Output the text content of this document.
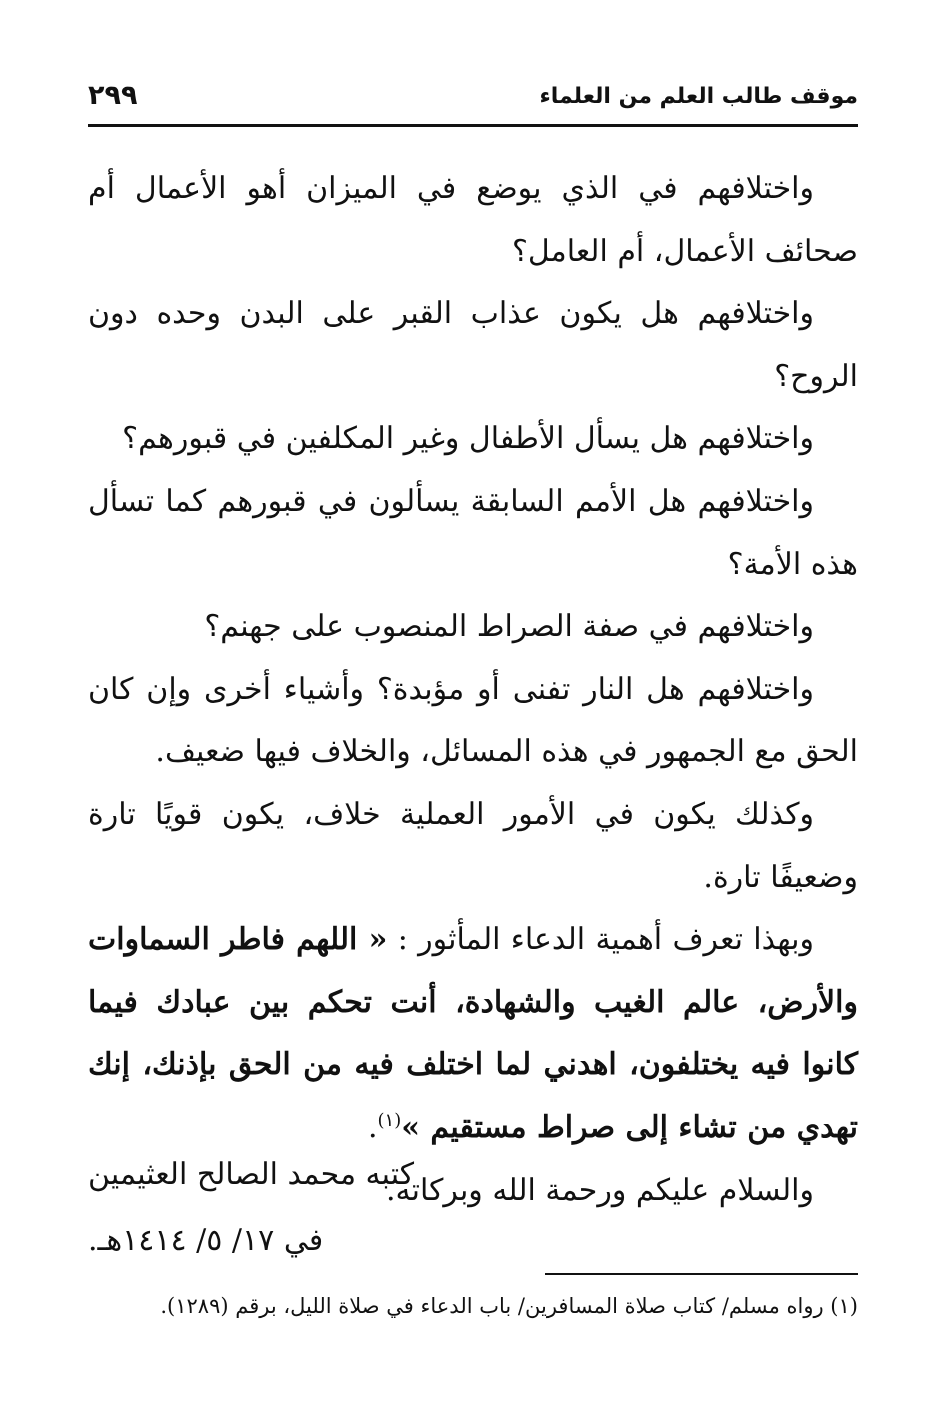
موقف طالب العلم من العلماء
٢٩٩

واختلافهم في الذي يوضع في الميزان أهو الأعمال أم صحائف الأعمال، أم العامل؟

واختلافهم هل يكون عذاب القبر على البدن وحده دون الروح؟

واختلافهم هل يسأل الأطفال وغير المكلفين في قبورهم؟

واختلافهم هل الأمم السابقة يسألون في قبورهم كما تسأل هذه الأمة؟

واختلافهم في صفة الصراط المنصوب على جهنم؟

واختلافهم هل النار تفنى أو مؤبدة؟ وأشياء أخرى وإن كان الحق مع الجمهور في هذه المسائل، والخلاف فيها ضعيف.

وكذلك يكون في الأمور العملية خلاف، يكون قويًا تارة وضعيفًا تارة.

وبهذا تعرف أهمية الدعاء المأثور : « اللهم فاطر السماوات والأرض، عالم الغيب والشهادة، أنت تحكم بين عبادك فيما كانوا فيه يختلفون، اهدني لما اختلف فيه من الحق بإذنك، إنك تهدي من تشاء إلى صراط مستقيم »$^{(١)}$.

والسلام عليكم ورحمة الله وبركاته.

كتبه محمد الصالح العثيمين

في ١٧/ ٥/ ١٤١٤هـ.

(١) رواه مسلم/ كتاب صلاة المسافرين/ باب الدعاء في صلاة الليل، برقم (١٢٨٩).
